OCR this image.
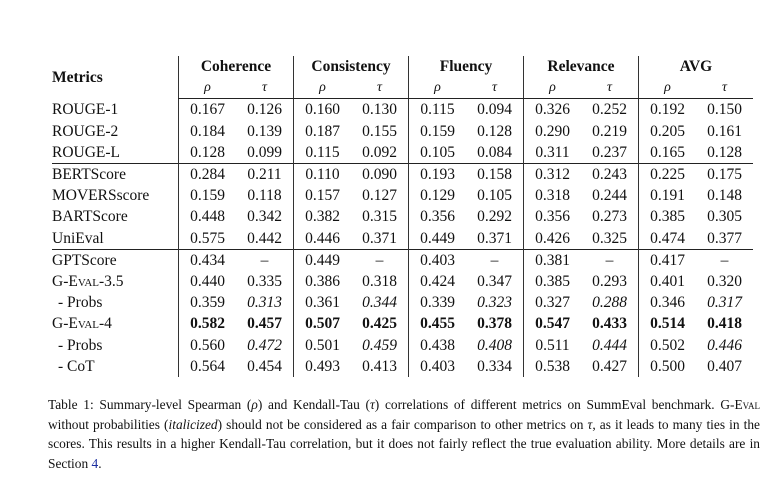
Metrics	Coherence		Consistency		Fluency		Relevance		AVG	
	ρ	τ	ρ	τ	ρ	τ	ρ	τ	ρ	τ
ROUGE-1	0.167	0.126	0.160	0.130	0.115	0.094	0.326	0.252	0.192	0.150
ROUGE-2	0.184	0.139	0.187	0.155	0.159	0.128	0.290	0.219	0.205	0.161
ROUGE-L	0.128	0.099	0.115	0.092	0.105	0.084	0.311	0.237	0.165	0.128
BERTScore	0.284	0.211	0.110	0.090	0.193	0.158	0.312	0.243	0.225	0.175
MOVERSscore	0.159	0.118	0.157	0.127	0.129	0.105	0.318	0.244	0.191	0.148
BARTScore	0.448	0.342	0.382	0.315	0.356	0.292	0.356	0.273	0.385	0.305
UniEval	0.575	0.442	0.446	0.371	0.449	0.371	0.426	0.325	0.474	0.377
GPTScore	0.434	–	0.449	–	0.403	–	0.381	–	0.417	–
G-Eval-3.5	0.440	0.335	0.386	0.318	0.424	0.347	0.385	0.293	0.401	0.320
- Probs	0.359	0.313	0.361	0.344	0.339	0.323	0.327	0.288	0.346	0.317
G-Eval-4	0.582	0.457	0.507	0.425	0.455	0.378	0.547	0.433	0.514	0.418
- Probs	0.560	0.472	0.501	0.459	0.438	0.408	0.511	0.444	0.502	0.446
- CoT	0.564	0.454	0.493	0.413	0.403	0.334	0.538	0.427	0.500	0.407
Table 1: Summary-level Spearman (ρ) and Kendall-Tau (τ) correlations of different metrics on SummEval benchmark. G-Eval without probabilities (italicized) should not be considered as a fair comparison to other metrics on τ, as it leads to many ties in the scores. This results in a higher Kendall-Tau correlation, but it does not fairly reflect the true evaluation ability. More details are in Section 4.
